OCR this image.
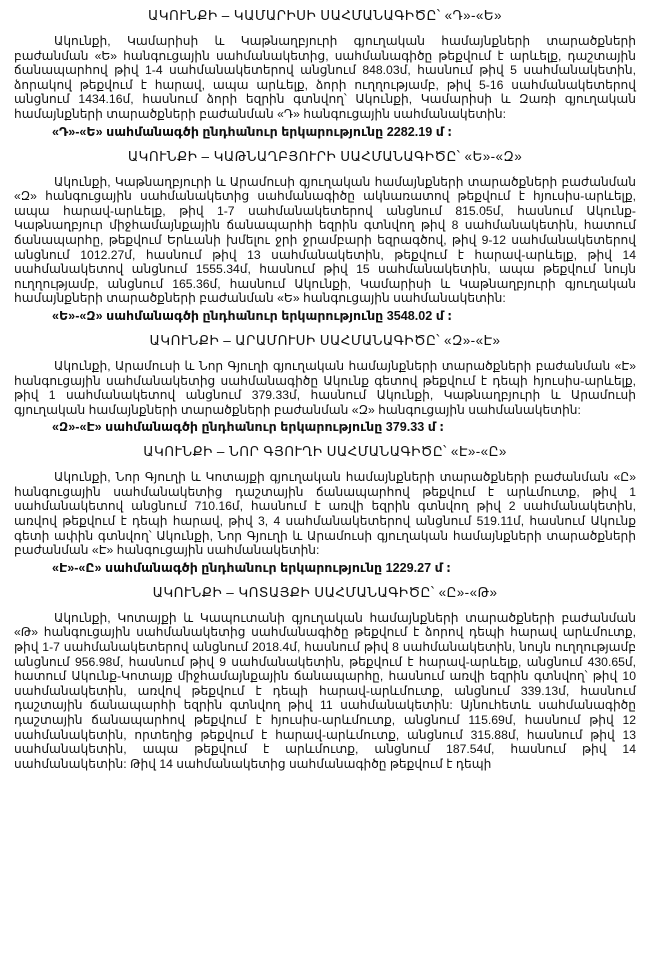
ԱԿՈՒՆՔԻ – ԿԱՄԱՐԻՍԻ ՍԱՀՄԱՆԱԳԻԾԸ՝ «Դ»-«Ե»

Ակունքի, Կամարիսի և Կաթնաղբյուրի գյուղական համայնքների տարածքների բաժանման «Ե» հանգուցային սահմանակետից, սահմանագիծը թեքվում է արևելք, դաշտային ճանապարհով թիվ 1-4 սահմանակետերով անցնում 848.03մ, հասնում թիվ 5 սահմանակետին, ձորակով թեքվում է հարավ, ապա արևելք, ձորի ուղղությամբ, թիվ 5-16 սահմանակետերով անցնում 1434.16մ, հասնում ձորի եզրին գտնվող՝ Ակունքի, Կամարիսի և Զառի գյուղական համայնքների տարածքների բաժանման «Դ» հանգուցային սահմանակետին:

«Դ»-«Ե» սահմանագծի ընդհանուր երկարությունը 2282.19 մ ։
ԱԿՈՒՆՔԻ – ԿԱԹՆԱՂԲՅՈՒՐԻ ՍԱՀՄԱՆԱԳԻԾԸ՝ «Ե»-«Զ»

Ակունքի, Կաթնաղբյուրի և Արամուսի գյուղական համայնքների տարածքների բաժանման «Զ» հանգուցային սահմանակետից սահմանագիծը ակնառատով թեքվում է հյուսիս-արևելք, ապա հարավ-արևելք, թիվ 1-7 սահմանակետերով անցնում 815.05մ, հասնում Ակունք-Կաթնաղբյուր միջհամայնքային ճանապարհի եզրին գտնվող թիվ 8 սահմանակետին, հատում ճանապարհը, թեքվում Երևանի խմելու ջրի ջրամբարի եզրագծով, թիվ 9-12 սահմանակետերով անցնում 1012.27մ, հասնում թիվ 13 սահմանակետին, թեքվում է հարավ-արևելք, թիվ 14 սահմանակետով անցնում 1555.34մ, հասնում թիվ 15 սահմանակետին, ապա թեքվում նույն ուղղությամբ, անցնում 165.36մ, հասնում Ակունքի, Կամարիսի և Կաթնաղբյուրի գյուղական համայնքների տարածքների բաժանման «Ե» հանգուցային սահմանակետին:

«Ե»-«Զ» սահմանագծի ընդհանուր երկարությունը 3548.02 մ ։
ԱԿՈՒՆՔԻ – ԱՐԱՄՈՒՍԻ ՍԱՀՄԱՆԱԳԻԾԸ՝ «Զ»-«Է»

Ակունքի, Արամուսի և Նոր Գյուղի գյուղական համայնքների տարածքների բաժանման «Է» հանգուցային սահմանակետից սահմանագիծը Ակունք գետով թեքվում է դեպի հյուսիս-արևելք, թիվ 1 սահմանակետով անցնում 379.33մ, հասնում Ակունքի, Կաթնաղբյուրի և Արամուսի գյուղական համայնքների տարածքների բաժանման «Զ» հանգուցային սահմանակետին:

«Զ»-«Է» սահմանագծի ընդհանուր երկարությունը 379.33 մ ։
ԱԿՈՒՆՔԻ – ՆՈՐ ԳՅՈՒՂԻ ՍԱՀՄԱՆԱԳԻԾԸ՝ «Է»-«Ը»

Ակունքի, Նոր Գյուղի և Կոտայքի գյուղական համայնքների տարածքների բաժանման «Ը» հանգուցային սահմանակետից դաշտային ճանապարհով թեքվում է արևմուտք, թիվ 1 սահմանակետով անցնում 710.16մ, հասնում է առվի եզրին գտնվող թիվ 2 սահմանակետին, առվով թեքվում է դեպի հարավ, թիվ 3, 4 սահմանակետերով անցնում 519.11մ, հասնում Ակունք գետի ափին գտնվող՝ Ակունքի, Նոր Գյուղի և Արամուսի գյուղական համայնքների տարածքների բաժանման «Է» հանգուցային սահմանակետին:

«Է»-«Ը» սահմանագծի ընդհանուր երկարությունը 1229.27 մ ։
ԱԿՈՒՆՔԻ – ԿՈՏԱՅՔԻ ՍԱՀՄԱՆԱԳԻԾԸ՝ «Ը»-«Թ»

Ակունքի, Կոտայքի և Կապուտանի գյուղական համայնքների տարածքների բաժանման «Թ» հանգուցային սահմանակետից սահմանագիծը թեքվում է ձորով դեպի հարավ արևմուտք, թիվ 1-7 սահմանակետերով անցնում 2018.4մ, հասնում թիվ 8 սահմանակետին, նույն ուղղությամբ անցնում 956.98մ, հասնում թիվ 9 սահմանակետին, թեքվում է հարավ-արևելք, անցնում 430.65մ, հատում Ակունք-Կոտայք միջհամայնքային ճանապարհը, հասնում առվի եզրին գտնվող՝ թիվ 10 սահմանակետին, առվով թեքվում է դեպի հարավ-արևմուտք, անցնում 339.13մ, հասնում դաշտային ճանապարհի եզրին գտնվող թիվ 11 սահմանակետին: Այնուհետև սահմանագիծը դաշտային ճանապարհով թեքվում է հյուսիս-արևմուտք, անցնում 115.69մ, հասնում թիվ 12 սահմանակետին, որտեղից թեքվում է հարավ-արևմուտք, անցնում 315.88մ, հասնում թիվ 13 սահմանակետին, ապա թեքվում է արևմուտք, անցնում 187.54մ, հասնում թիվ 14 սահմանակետին: Թիվ 14 սահմանակետից սահմանագիծը թեքվում է դեպի
